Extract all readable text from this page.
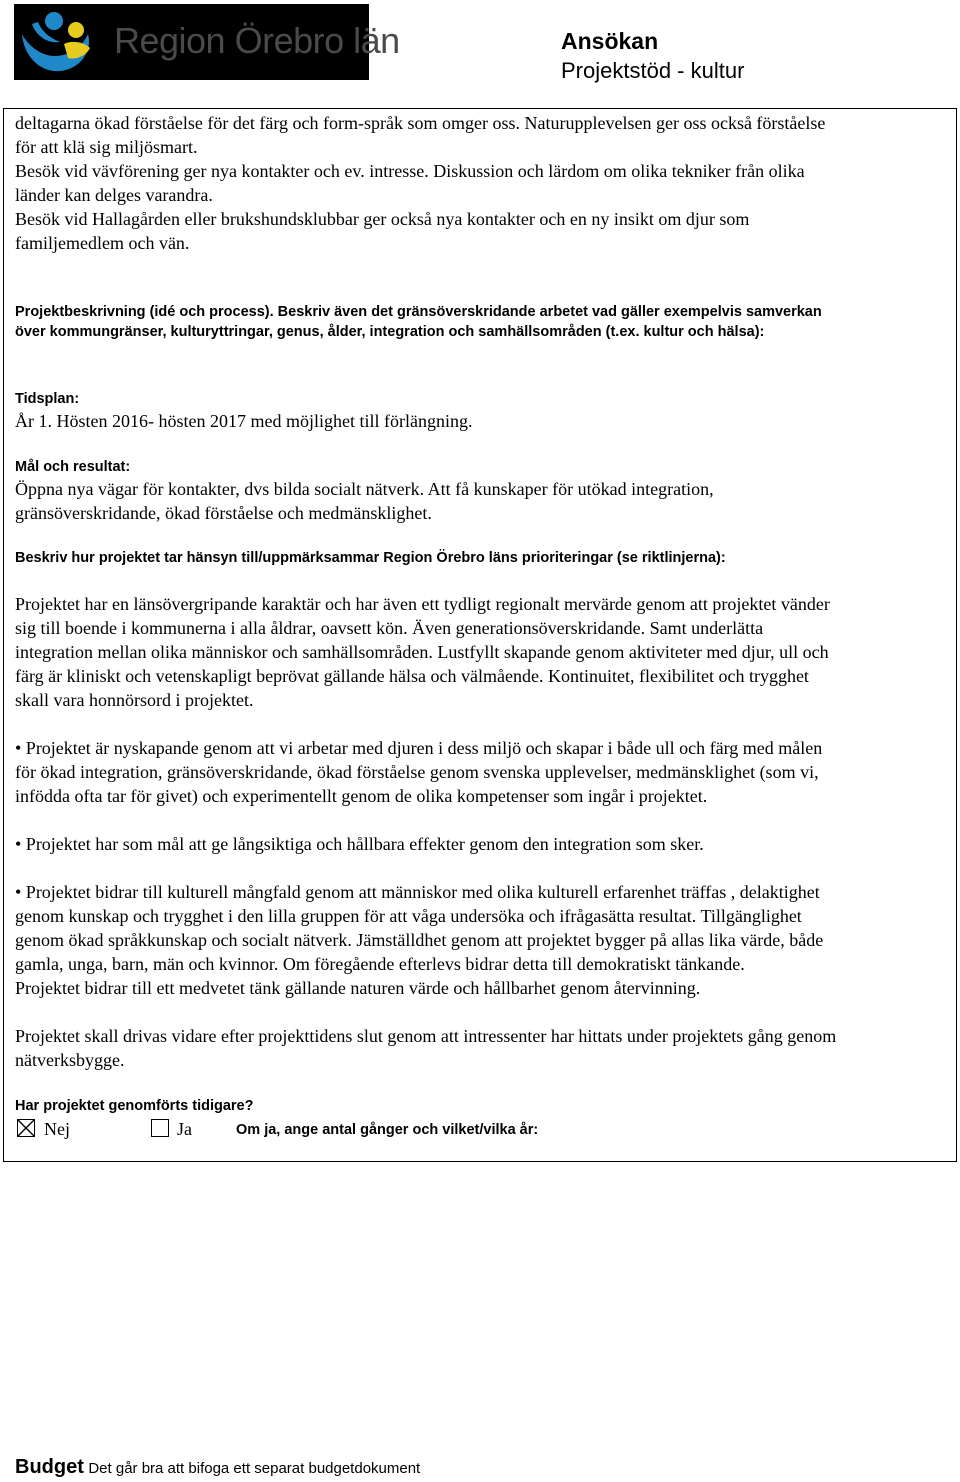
Region Örebro län	Ansökan
Projektstöd - kultur
deltagarna ökad förståelse för det färg och form-språk som omger oss. Naturupplevelsen ger oss också förståelse
för att klä sig miljösmart.
Besök vid vävförening ger nya kontakter och ev. intresse. Diskussion och lärdom om olika tekniker från olika
länder kan delges varandra.
Besök vid Hallagården eller brukshundsklubbar ger också nya kontakter och en ny insikt om djur som
familjemedlem och vän.
Projektbeskrivning (idé och process). Beskriv även det gränsöverskridande arbetet vad gäller exempelvis samverkan
över kommungränser, kulturyttringar, genus, ålder, integration och samhällsområden (t.ex. kultur och hälsa):
Tidsplan:
År 1. Hösten 2016- hösten 2017 med möjlighet till förlängning.
Mål och resultat:
Öppna nya vägar för kontakter, dvs bilda socialt nätverk. Att få kunskaper för utökad integration,
gränsöverskridande, ökad förståelse och medmänsklighet.
Beskriv hur projektet tar hänsyn till/uppmärksammar Region Örebro läns prioriteringar (se riktlinjerna):
Projektet har en länsövergripande karaktär och har även ett tydligt regionalt mervärde genom att projektet vänder
sig till boende i kommunerna i alla åldrar, oavsett kön. Även generationsöverskridande. Samt underlätta
integration mellan olika människor och samhällsområden. Lustfyllt skapande genom aktiviteter med djur, ull och
färg är kliniskt och vetenskapligt beprövat gällande hälsa och välmående. Kontinuitet, flexibilitet och trygghet
skall vara honnörsord i projektet.
• Projektet är nyskapande genom att vi arbetar med djuren i dess miljö och skapar i både ull och färg med målen
för ökad integration, gränsöverskridande, ökad förståelse genom svenska upplevelser, medmänsklighet (som vi,
infödda ofta tar för givet) och experimentellt genom de olika kompetenser som ingår i projektet.
• Projektet har som mål att ge långsiktiga och hållbara effekter genom den integration som sker.
• Projektet bidrar till kulturell mångfald genom att människor med olika kulturell erfarenhet träffas , delaktighet
genom kunskap och trygghet i den lilla gruppen för att våga undersöka och ifrågasätta resultat. Tillgänglighet
genom ökad språkkunskap och socialt nätverk. Jämställdhet genom att projektet bygger på allas lika värde, både
gamla, unga, barn, män och kvinnor. Om föregående efterlevs bidrar detta till demokratiskt tänkande.
Projektet bidrar till ett medvetet tänk gällande naturen värde och hållbarhet genom återvinning.
Projektet skall drivas vidare efter projekttidens slut genom att intressenter har hittats under projektets gång genom
nätverksbygge.
Har projektet genomförts tidigare?
Nej	Ja	Om ja, ange antal gånger och vilket/vilka år:
Budget Det går bra att bifoga ett separat budgetdokument
